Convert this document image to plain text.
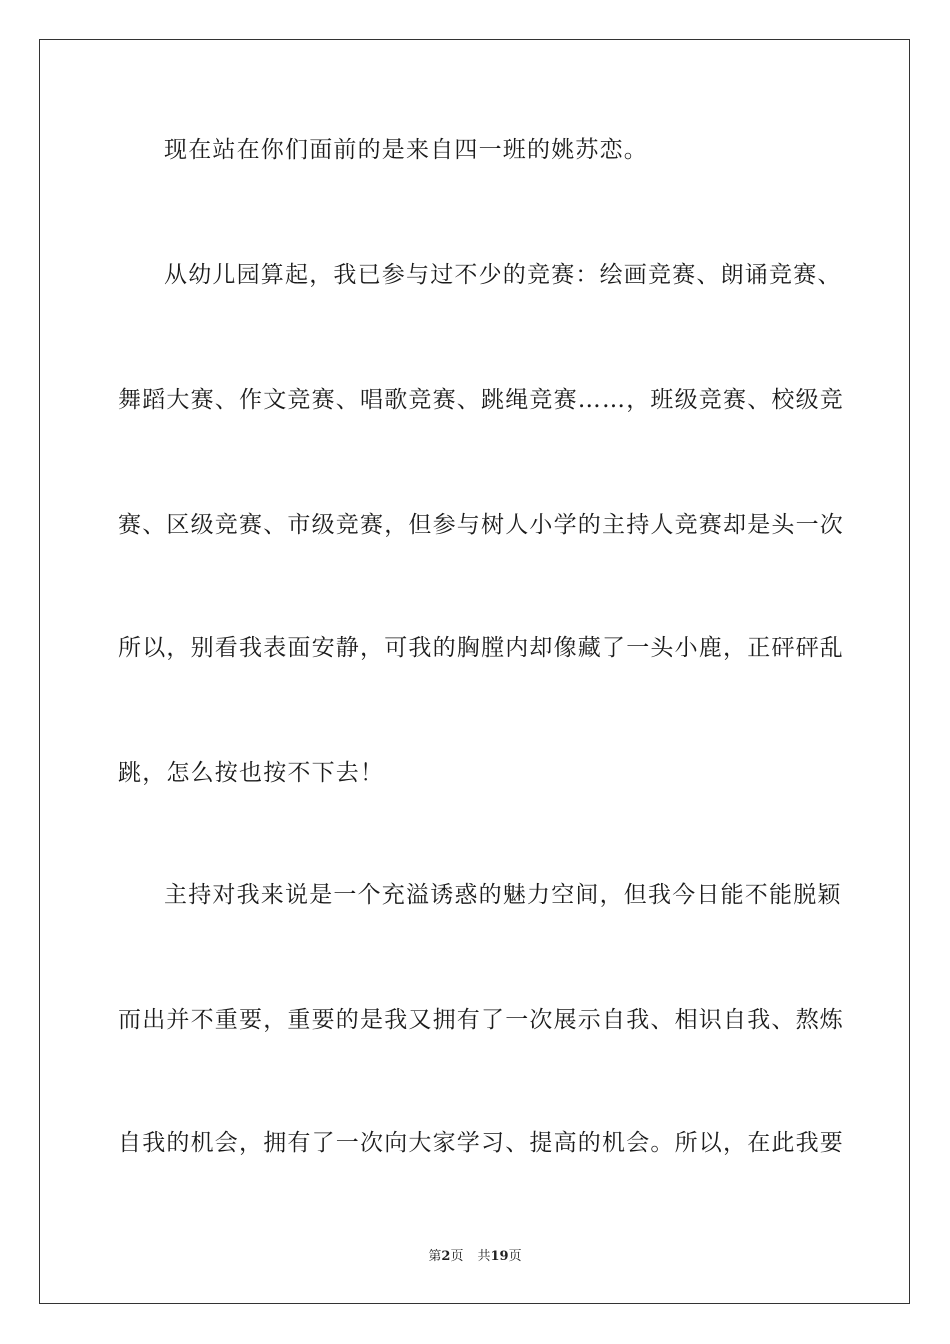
现在站在你们面前的是来自四一班的姚苏恋。
从幼儿园算起，我已参与过不少的竞赛：绘画竞赛、朗诵竞赛、
舞蹈大赛、作文竞赛、唱歌竞赛、跳绳竞赛……，班级竞赛、校级竞
赛、区级竞赛、市级竞赛，但参与树人小学的主持人竞赛却是头一次
所以，别看我表面安静，可我的胸膛内却像藏了一头小鹿，正砰砰乱
跳，怎么按也按不下去！
主持对我来说是一个充溢诱惑的魅力空间，但我今日能不能脱颖
而出并不重要，重要的是我又拥有了一次展示自我、相识自我、熬炼
自我的机会，拥有了一次向大家学习、提高的机会。所以，在此我要
第2页 共19页
